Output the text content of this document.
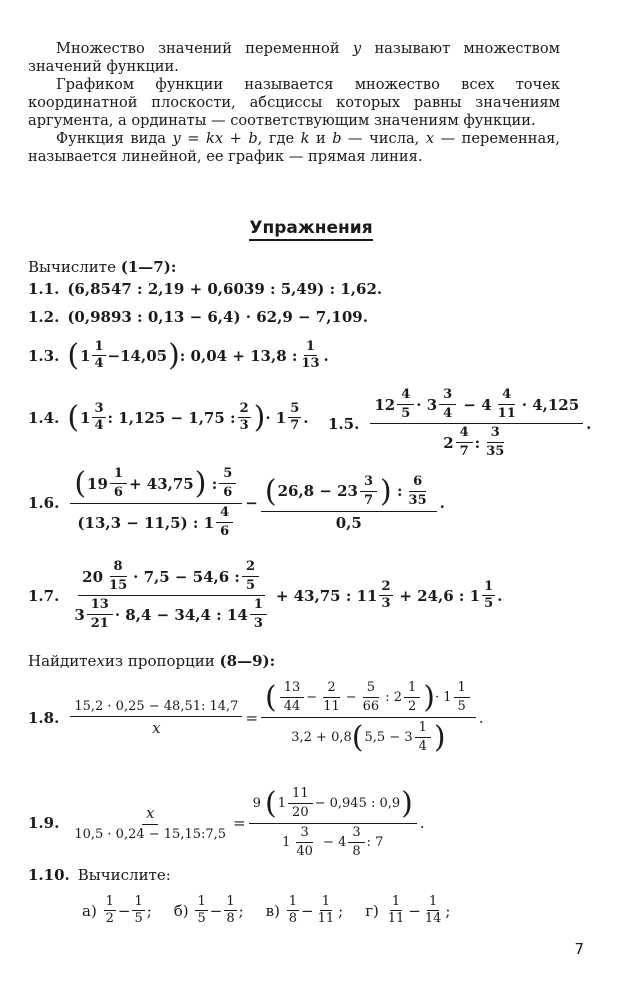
Множество значений переменной y называют множеством значений функции.

Графиком функции называется множество всех точек координатной плоскости, абсциссы которых равны значениям аргумента, а ординаты — соответствующим значениям функции.

Функция вида y = kx + b, где k и b — числа, x — переменная, называется линейной, ее график — прямая линия.

Упражнения
Вычислите
(1—7):
1.1. (6,8547 : 2,19 + 0,6039 : 5,49) : 1,62.
1.2. (0,9893 : 0,13 − 6,4) · 62,9 − 7,109.
1.3. ( $1 \frac{1}{4} -14,05$
) : 0,04 + 13,8 : $\frac{1}{13}$ .
1.4. ( $1 \frac{3}{4}$ : 1,125 − 1,75 : $\frac{2}{3}$
) · $1 \frac{5}{7}$ . 1.5.
$12 \frac{4}{5} \cdot 3 \frac{3}{4}$
− $4 \frac{4}{11} \cdot 4,125$
$2 \frac{4}{7}$ : $\frac{3}{35}$
.
1.6.
( $19 \frac{1}{6} + 43,75$
)
: $\frac{5}{6}$
(13,3 − 11,5) : $1 \frac{4}{6}$
− ( $26,8 - 23 \frac{3}{7}$
)
: $\frac{6}{35}$
0,5 .
1.7.
$20 \frac{8}{15} \cdot 7,5 - 54,6$ : $\frac{2}{5}$
$3 \frac{13}{21} \cdot 8,4 - 34,4$ : $14 \frac{1}{3}$
+ 43,75 : $11 \frac{2}{3}$
+ 24,6 : $1 \frac{1}{5}$ .
Найдите x из пропорции
(8—9):
1.8. $\frac{15,2 \cdot 0,25 - 48,51: 14,7}{x}$ = ( $\frac{13}{44} - \frac{2}{11} - \frac{5}{66}$ : $2 \frac{1}{2}$
) · $1 \frac{1}{5}$
3,2 + 0,8 ( $5,5 - 3 \frac{1}{4}$
) .
1.9. $\frac{x}{10,5 \cdot 0,24 - 15,15:7,5} = 9$
( $1 \frac{11}{20} - 0,945$ : 0,9
)
$1 \frac{3}{40}$
− $4 \frac{3}{8}$ : 7 .
1.10. Вычислите:
а)
$\frac{1}{2} - \frac{1}{5}$ ; б)
$\frac{1}{5} - \frac{1}{8}$ ; в)
$\frac{1}{8} - \frac{1}{11}$ ; г)
$\frac{1}{11} - \frac{1}{14}$ ;
7
